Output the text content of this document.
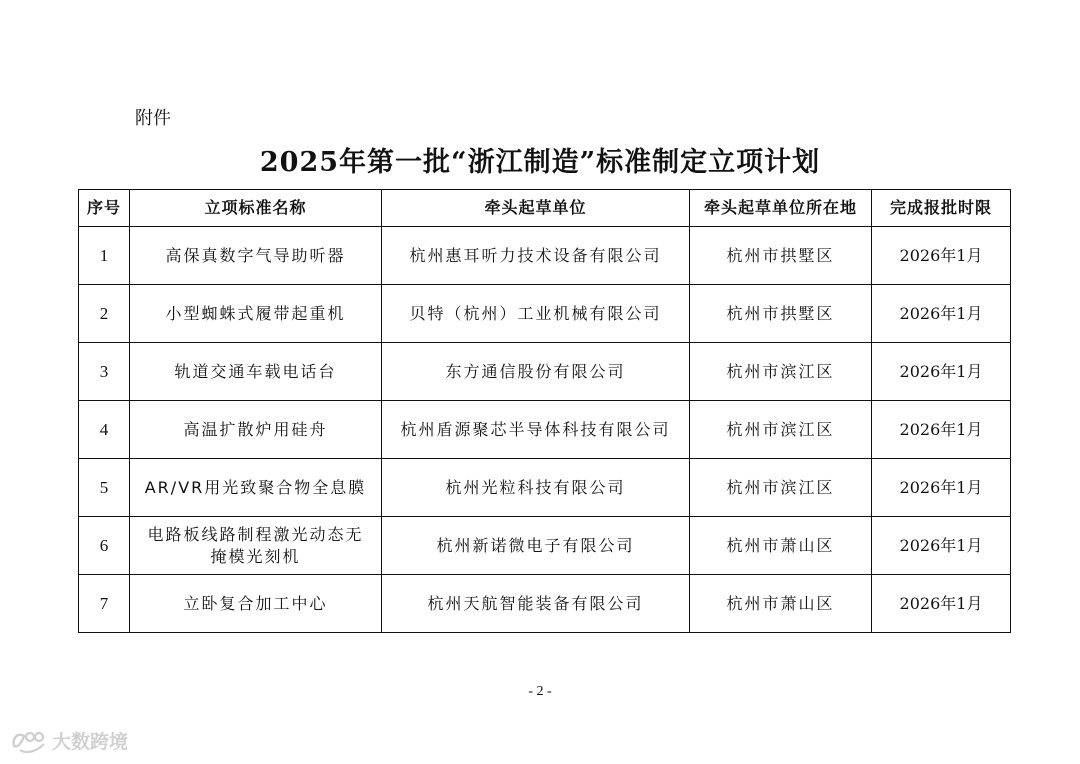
附件
2025年第一批“浙江制造”标准制定立项计划
序号	立项标准名称	牵头起草单位	牵头起草单位所在地	完成报批时限
1	高保真数字气导助听器	杭州惠耳听力技术设备有限公司	杭州市拱墅区	2026年1月
2	小型蜘蛛式履带起重机	贝特（杭州）工业机械有限公司	杭州市拱墅区	2026年1月
3	轨道交通车载电话台	东方通信股份有限公司	杭州市滨江区	2026年1月
4	高温扩散炉用硅舟	杭州盾源聚芯半导体科技有限公司	杭州市滨江区	2026年1月
5	AR/VR用光致聚合物全息膜	杭州光粒科技有限公司	杭州市滨江区	2026年1月
6	电路板线路制程激光动态无掩模光刻机	杭州新诺微电子有限公司	杭州市萧山区	2026年1月
7	立卧复合加工中心	杭州天航智能装备有限公司	杭州市萧山区	2026年1月
- 2 -
大数跨境
